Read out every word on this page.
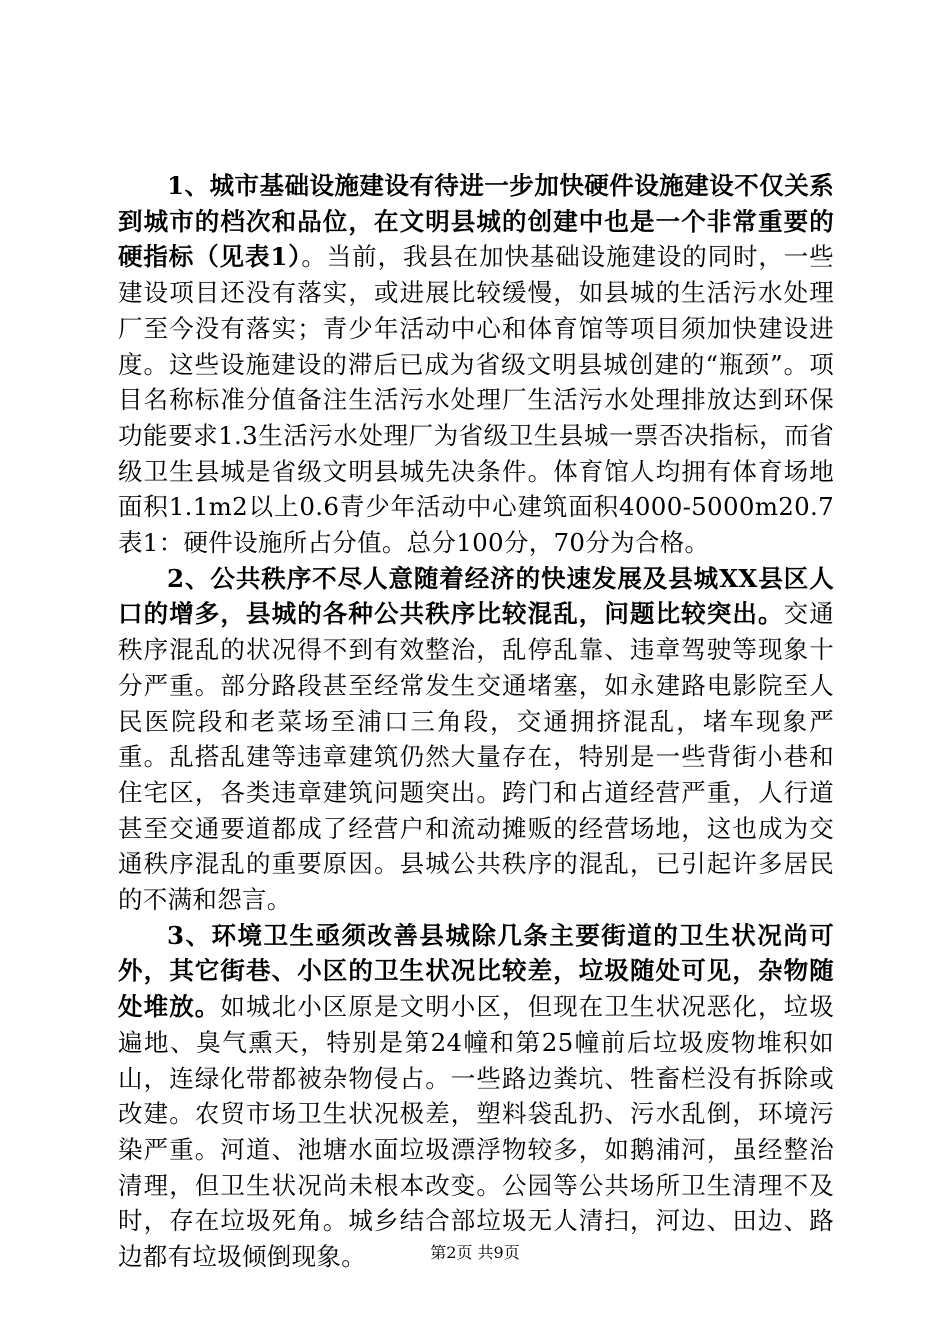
1、城市基础设施建设有待进一步加快硬件设施建设不仅关系到城市的档次和品位，在文明县城的创建中也是一个非常重要的硬指标（见表1）。当前，我县在加快基础设施建设的同时，一些建设项目还没有落实，或进展比较缓慢，如县城的生活污水处理厂至今没有落实；青少年活动中心和体育馆等项目须加快建设进度。这些设施建设的滞后已成为省级文明县城创建的“瓶颈”。项目名称标准分值备注生活污水处理厂生活污水处理排放达到环保功能要求1.3生活污水处理厂为省级卫生县城一票否决指标，而省级卫生县城是省级文明县城先决条件。体育馆人均拥有体育场地面积1.1m2以上0.6青少年活动中心建筑面积4000-5000m20.7表1：硬件设施所占分值。总分100分，70分为合格。

2、公共秩序不尽人意随着经济的快速发展及县城XX县区人口的增多，县城的各种公共秩序比较混乱，问题比较突出。交通秩序混乱的状况得不到有效整治，乱停乱靠、违章驾驶等现象十分严重。部分路段甚至经常发生交通堵塞，如永建路电影院至人民医院段和老菜场至浦口三角段，交通拥挤混乱，堵车现象严重。乱搭乱建等违章建筑仍然大量存在，特别是一些背街小巷和住宅区，各类违章建筑问题突出。跨门和占道经营严重，人行道甚至交通要道都成了经营户和流动摊贩的经营场地，这也成为交通秩序混乱的重要原因。县城公共秩序的混乱，已引起许多居民的不满和怨言。

3、环境卫生亟须改善县城除几条主要街道的卫生状况尚可外，其它街巷、小区的卫生状况比较差，垃圾随处可见，杂物随处堆放。如城北小区原是文明小区，但现在卫生状况恶化，垃圾遍地、臭气熏天，特别是第24幢和第25幢前后垃圾废物堆积如山，连绿化带都被杂物侵占。一些路边粪坑、牲畜栏没有拆除或改建。农贸市场卫生状况极差，塑料袋乱扔、污水乱倒，环境污染严重。河道、池塘水面垃圾漂浮物较多，如鹅浦河，虽经整治清理，但卫生状况尚未根本改变。公园等公共场所卫生清理不及时，存在垃圾死角。城乡结合部垃圾无人清扫，河边、田边、路边都有垃圾倾倒现象。	第2页 共9页
